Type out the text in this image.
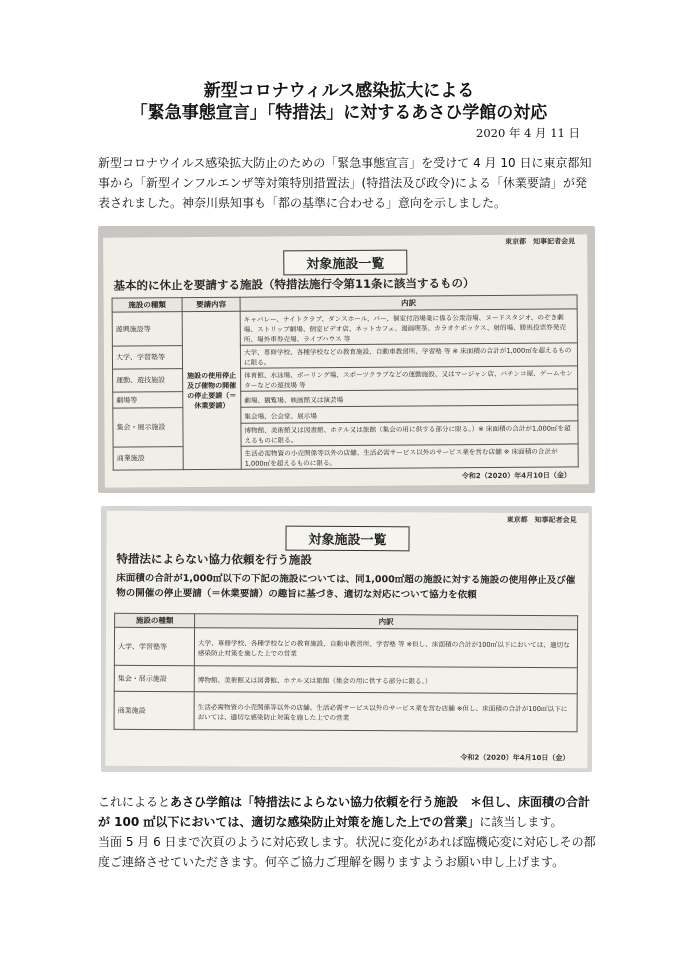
新型コロナウィルス感染拡大による
「緊急事態宣言」「特措法」に対するあさひ学館の対応
2020 年 4 月 11 日
新型コロナウイルス感染拡大防止のための「緊急事態宣言」を受けて 4 月 10 日に東京都知事から「新型インフルエンザ等対策特別措置法」(特措法及び政令)による「休業要請」が発表されました。神奈川県知事も「都の基準に合わせる」意向を示しました。
東京都　知事記者会見
対象施設一覧
基本的に休止を要請する施設（特措法施行令第11条に該当するもの）
施設の種類	要請内容	内訳
遊興施設等	施設の使用停止及び催物の開催の停止要請（＝休業要請）	キャバレー、ナイトクラブ、ダンスホール、バー、個室付浴場業に係る公衆浴場、ヌードスタジオ、のぞき劇場、ストリップ劇場、個室ビデオ店、ネットカフェ、漫画喫茶、カラオケボックス、射的場、勝馬投票券発売所、場外車券売場、ライブハウス 等
大学、学習塾等		大学、専修学校、各種学校などの教育施設、自動車教習所、学習塾 等 ※ 床面積の合計が1,000㎡を超えるものに限る。
運動、遊技施設		体育館、水泳場、ボーリング場、スポーツクラブなどの運動施設、又はマージャン店、パチンコ屋、ゲームセンターなどの遊技場 等
劇場等		劇場、観覧場、映画館又は演芸場
集会・展示施設		集会場、公会堂、展示場
		博物館、美術館又は図書館、ホテル又は旅館（集会の用に供する部分に限る。）※ 床面積の合計が1,000㎡を超えるものに限る。
商業施設		生活必需物資の小売関係等以外の店舗、生活必需サービス以外のサービス業を営む店舗 ※ 床面積の合計が1,000㎡を超えるものに限る。
令和2（2020）年4月10日（金）
東京都　知事記者会見
対象施設一覧
特措法によらない協力依頼を行う施設
床面積の合計が1,000㎡以下の下記の施設については、同1,000㎡超の施設に対する施設の使用停止及び催物の開催の停止要請（＝休業要請）の趣旨に基づき、適切な対応について協力を依頼
施設の種類	内訳
大学、学習塾等	大学、専修学校、各種学校などの教育施設、自動車教習所、学習塾 等 ※但し、床面積の合計が100㎡以下においては、適切な感染防止対策を施した上での営業
集会・展示施設	博物館、美術館又は図書館、ホテル又は旅館（集会の用に供する部分に限る。）
商業施設	生活必需物資の小売関係等以外の店舗、生活必需サービス以外のサービス業を営む店舗 ※但し、床面積の合計が100㎡以下においては、適切な感染防止対策を施した上での営業
令和2（2020）年4月10日（金）
これによるとあさひ学館は「特措法によらない協力依頼を行う施設　＊但し、床面積の合計が 100 ㎡以下においては、適切な感染防止対策を施した上での営業」に該当します。
当面 5 月 6 日まで次頁のように対応致します。状況に変化があれば臨機応変に対応しその都度ご連絡させていただきます。何卒ご協力ご理解を賜りますようお願い申し上げます。
